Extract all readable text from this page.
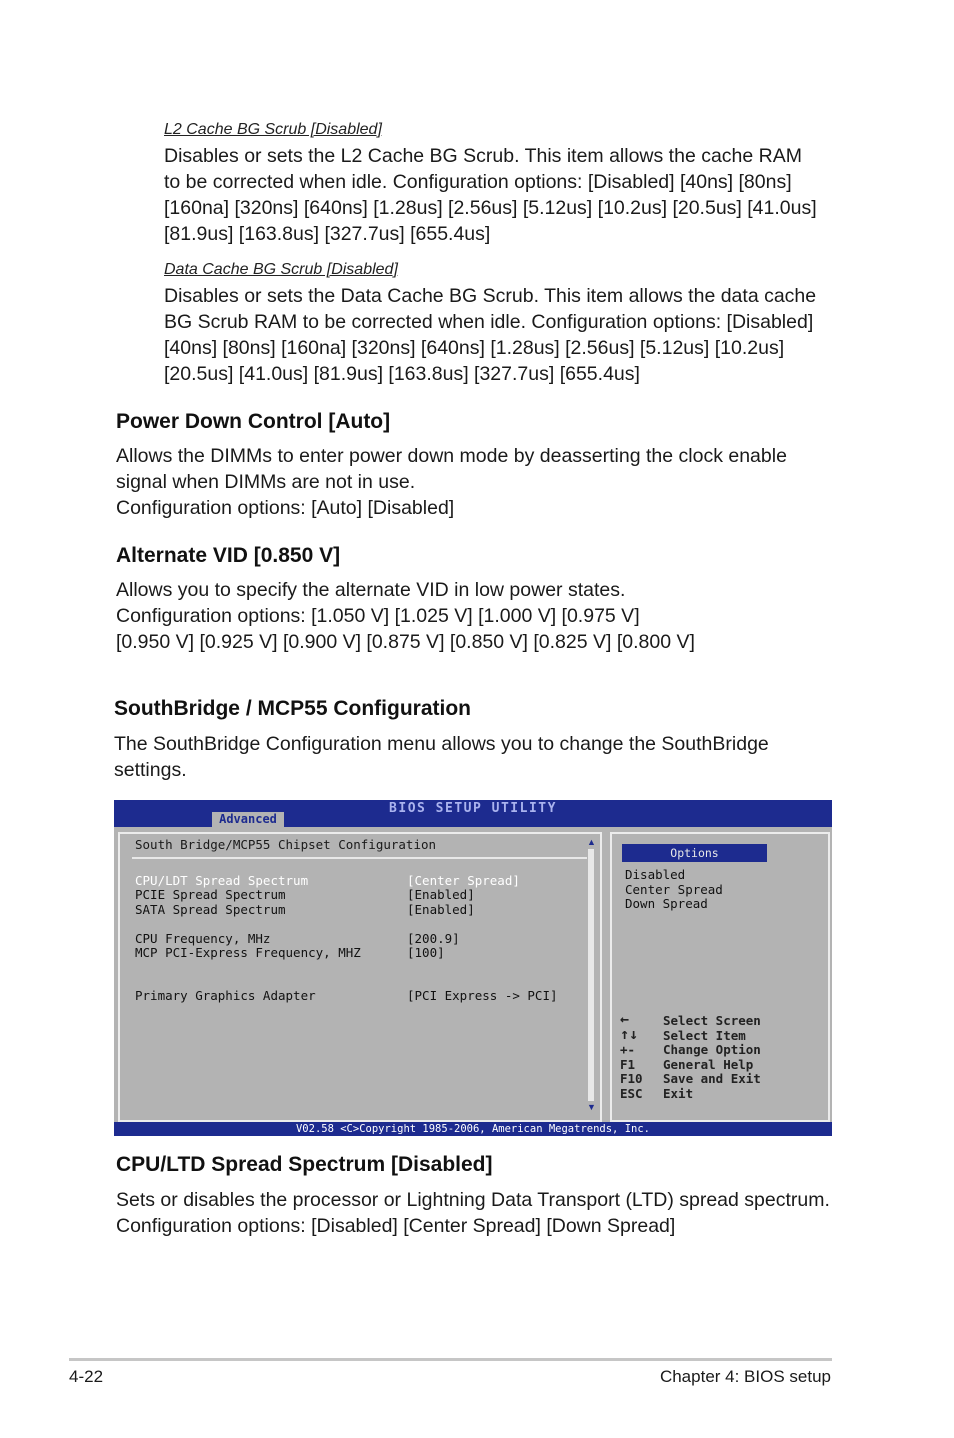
L2 Cache BG Scrub [Disabled]

Disables or sets the L2 Cache BG Scrub. This item allows the cache RAM

to be corrected when idle. Configuration options: [Disabled] [40ns] [80ns]

[160na] [320ns] [640ns] [1.28us] [2.56us] [5.12us] [10.2us] [20.5us] [41.0us]

[81.9us] [163.8us] [327.7us] [655.4us]

Data Cache BG Scrub [Disabled]

Disables or sets the Data Cache BG Scrub. This item allows the data cache

BG Scrub RAM to be corrected when idle. Configuration options: [Disabled]

[40ns] [80ns] [160na] [320ns] [640ns] [1.28us] [2.56us] [5.12us] [10.2us]

[20.5us] [41.0us] [81.9us] [163.8us] [327.7us] [655.4us]

Power Down Control [Auto]

Allows the DIMMs to enter power down mode by deasserting the clock enable

signal when DIMMs are not in use.

Configuration options: [Auto] [Disabled]

Alternate VID [0.850 V]

Allows you to specify the alternate VID in low power states.

Configuration options: [1.050 V] [1.025 V] [1.000 V] [0.975 V]

[0.950 V] [0.925 V] [0.900 V] [0.875 V] [0.850 V] [0.825 V] [0.800 V]

SouthBridge / MCP55 Configuration

The SouthBridge Configuration menu allows you to change the SouthBridge

settings.

BIOS SETUP UTILITY
Advanced
South Bridge/MCP55 Chipset Configuration
CPU/LDT Spread Spectrum	[Center Spread]
PCIE Spread Spectrum	[Enabled]
SATA Spread Spectrum	[Enabled]
CPU Frequency, MHz	[200.9]
MCP PCI-Express Frequency, MHZ	[100]
Primary Graphics Adapter	[PCI Express -> PCI]
▲
▼
Options
Disabled
Center Spread
Down Spread
←	Select Screen
↑↓ Select Item
+- Change Option
F1 General Help
F10 Save and Exit
ESC Exit
V02.58 <C>Copyright 1985-2006, American Megatrends, Inc.
CPU/LTD Spread Spectrum [Disabled]

Sets or disables the processor or Lightning Data Transport (LTD) spread spectrum.

Configuration options: [Disabled] [Center Spread] [Down Spread]

4-22	Chapter 4: BIOS setup
